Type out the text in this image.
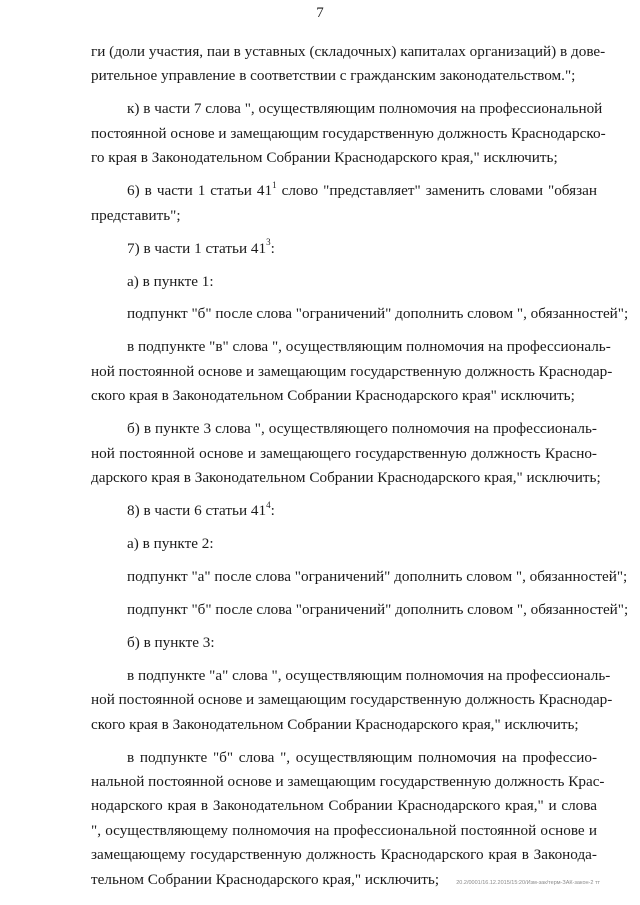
7
ги (доли участия, паи в уставных (складочных) капиталах организаций) в дове-
рительное управление в соответствии с гражданским законодательством.";
к) в части 7 слова ", осуществляющим полномочия на профессиональной
постоянной основе и замещающим государственную должность Краснодарско-
го края в Законодательном Собрании Краснодарского края," исключить;
6) в части 1 статьи $41^1$ слово "представляет" заменить словами "обязан
представить";
7) в части 1 статьи $41^3$:
а) в пункте 1:
подпункт "б" после слова "ограничений" дополнить словом ", обязанностей";
в подпункте "в" слова ", осуществляющим полномочия на профессиональ-
ной постоянной основе и замещающим государственную должность Краснодар-
ского края в Законодательном Собрании Краснодарского края" исключить;
б) в пункте 3 слова ", осуществляющего полномочия на профессиональ-
ной постоянной основе и замещающего государственную должность Красно-
дарского края в Законодательном Собрании Краснодарского края," исключить;
8) в части 6 статьи $41^4$:
а) в пункте 2:
подпункт "а" после слова "ограничений" дополнить словом ", обязанностей";
подпункт "б" после слова "ограничений" дополнить словом ", обязанностей";
б) в пункте 3:
в подпункте "а" слова ", осуществляющим полномочия на профессиональ-
ной постоянной основе и замещающим государственную должность Краснодар-
ского края в Законодательном Собрании Краснодарского края," исключить;
в подпункте "б" слова ", осуществляющим полномочия на профессио-
нальной постоянной основе и замещающим государственную должность Крас-
нодарского края в Законодательном Собрании Краснодарского края," и слова
", осуществляющему полномочия на профессиональной постоянной основе и
замещающему государственную должность Краснодарского края в Законода-
тельном Собрании Краснодарского края," исключить;	20.2/0001/16.12.2015/15:20/Изм-зак/терм-ЗАК-закон-2 тт
